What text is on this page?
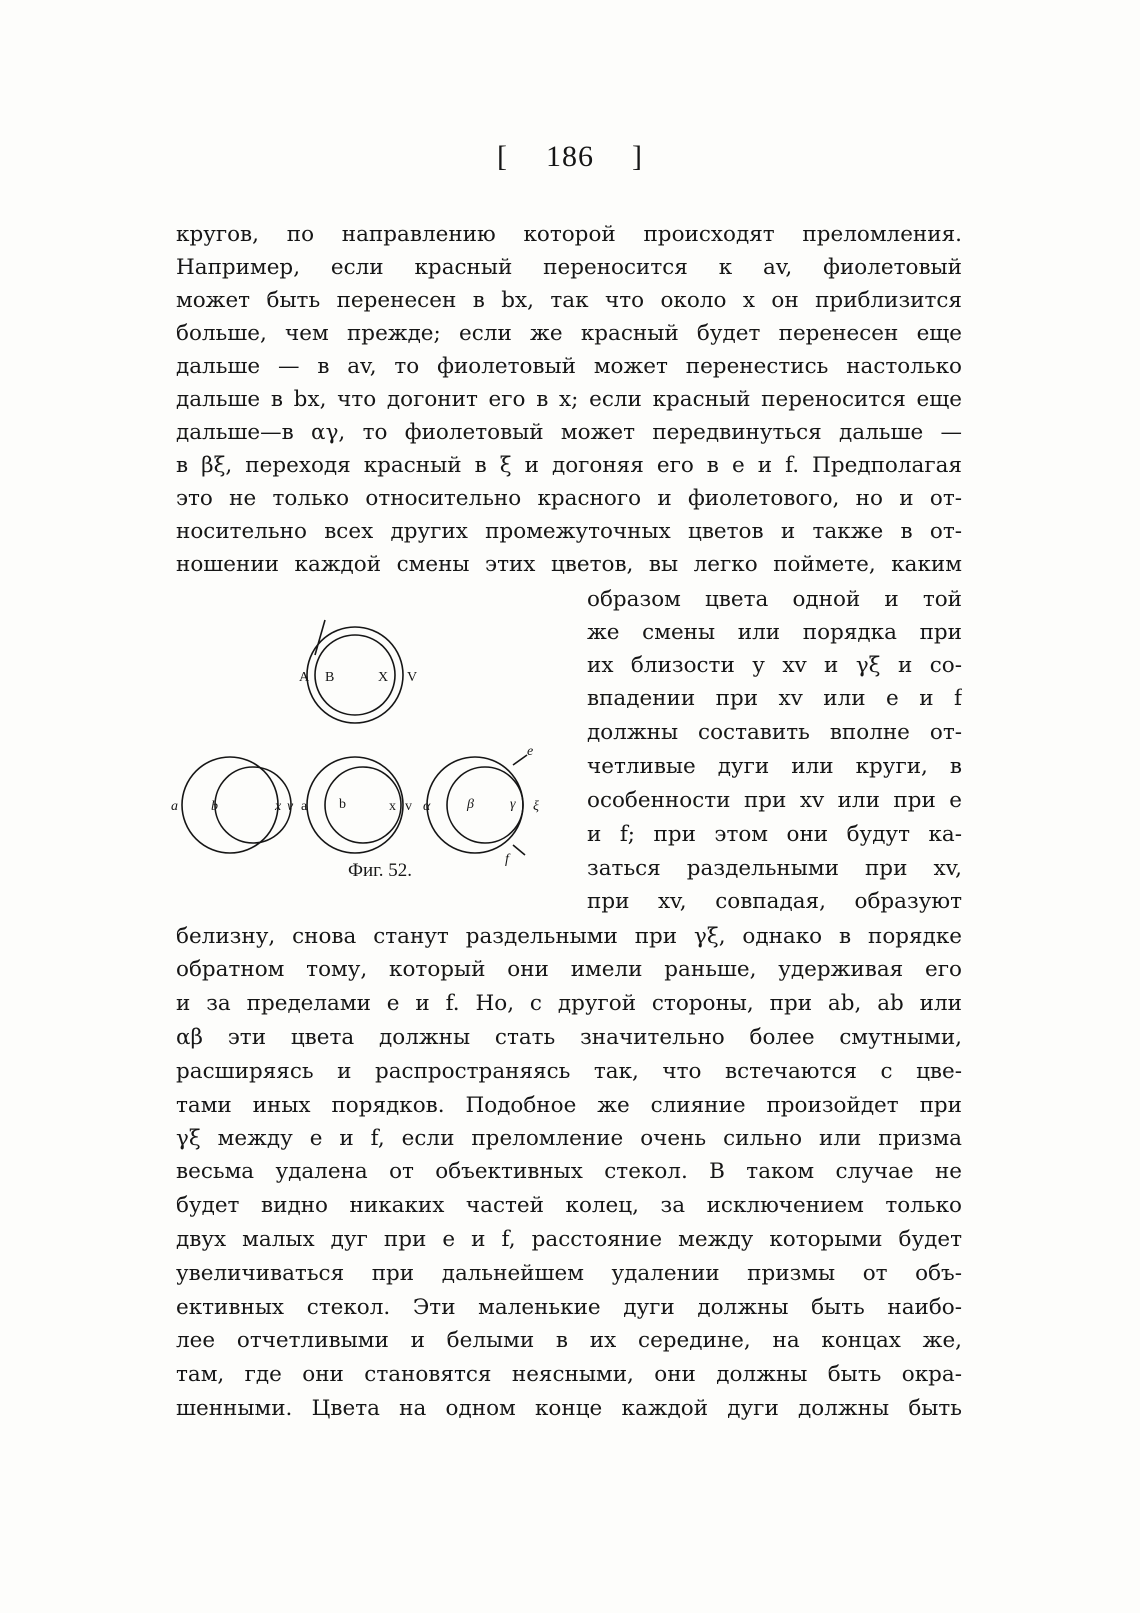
[ 186 ]
кругов, по направлению которой происходят преломления.
Например, если красный переносится к av, фиолетовый
может быть перенесен в bx, так что около x он приблизится
больше, чем прежде; если же красный будет перенесен еще
дальше — в av, то фиолетовый может перенестись настолько
дальше в bx, что догонит его в x; если красный переносится еще
дальше—в αγ, то фиолетовый может передвинуться дальше —
в βξ, переходя красный в ξ и догоняя его в e и f. Предполагая
это не только относительно красного и фиолетового, но и от-
носительно всех других промежуточных цветов и также в от-
ношении каждой смены этих цветов, вы легко поймете, каким
образом цвета одной и той
же смены или порядка при
их близости у xv и γξ и со-
впадении при xv или e и f
должны составить вполне от-
четливые дуги или круги, в
особенности при xv или при e
и f; при этом они будут ка-
заться раздельными при xv,
при xv, совпадая, образуют
A B	X V
a b	x v a b	x v α	β	γ ξ
e
f
Фиг. 52.
белизну, снова станут раздельными при γξ, однако в порядке
обратном тому, который они имели раньше, удерживая его
и за пределами e и f. Но, с другой стороны, при ab, ab или
αβ эти цвета должны стать значительно более смутными,
расширяясь и распространяясь так, что встечаются с цве-
тами иных порядков. Подобное же слияние произойдет при
γξ между e и f, если преломление очень сильно или призма
весьма удалена от объективных стекол. В таком случае не
будет видно никаких частей колец, за исключением только
двух малых дуг при e и f, расстояние между которыми будет
увеличиваться при дальнейшем удалении призмы от объ-
ективных стекол. Эти маленькие дуги должны быть наибо-
лее отчетливыми и белыми в их середине, на концах же,
там, где они становятся неясными, они должны быть окра-
шенными. Цвета на одном конце каждой дуги должны быть
